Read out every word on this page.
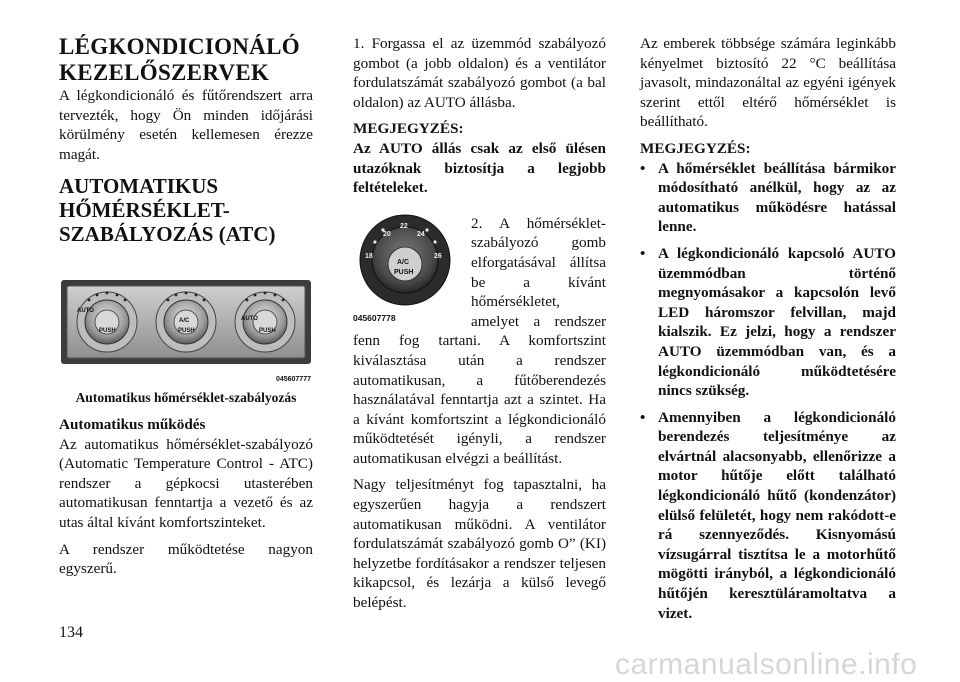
LÉGKONDICIONÁLÓ
KEZELŐSZERVEK

A légkondicionáló és fűtőrendszert arra tervezték, hogy Ön minden időjárási körülmény esetén kellemesen érezze magát.

AUTOMATIKUS
HŐMÉRSÉKLET-
SZABÁLYOZÁS (ATC)
AUTO
PUSH
A/C
PUSH
AUTO
PUSH
045607777
Automatikus hőmérséklet-szabályozás
Automatikus működés

Az automatikus hőmérséklet-szabályozó (Automatic Temperature Control - ATC) rendszer a gépkocsi utasterében automatikusan fenntartja a vezető és az utas által kívánt komfortszinteket.

A rendszer működtetése nagyon egyszerű.

1. Forgassa el az üzemmód szabályozó gombot (a jobb oldalon) és a ventilátor fordulatszámát szabályozó gombot (a bal oldalon) az AUTO állásba.

MEGJEGYZÉS:

Az AUTO állás csak az első ülésen utazóknak biztosítja a legjobb feltételeket.

20
22
24
18	26
A/C
PUSH
045607778

2. A hőmérséklet-szabályozó gomb elforgatásával állítsa be a kívánt hőmérsékletet, amelyet a rendszer fenn fog tartani. A komfortszint kiválasztása után a rendszer automatikusan, a fűtőberendezés használatával fenntartja azt a szintet. Ha a kívánt komfortszint a légkondicionáló működtetését igényli, a rendszer automatikusan elvégzi a beállítást.

Nagy teljesítményt fog tapasztalni, ha egyszerűen hagyja a rendszert automatikusan működni. A ventilátor fordulatszámát szabályozó gomb O” (KI) helyzetbe fordításakor a rendszer teljesen kikapcsol, és lezárja a külső levegő belépést.

Az emberek többsége számára leginkább kényelmet biztosító 22 °C beállítása javasolt, mindazonáltal az egyéni igények szerint ettől eltérő hőmérséklet is beállítható.

MEGJEGYZÉS:
• A hőmérséklet beállítása bármikor módosítható anélkül, hogy az az automatikus működésre hatással lenne.
• A légkondicionáló kapcsoló AUTO üzemmódban történő megnyomásakor a kapcsolón levő LED háromszor felvillan, majd kialszik. Ez jelzi, hogy a rendszer AUTO üzemmódban van, és a légkondicionáló működtetésére nincs szükség.
• Amennyiben a légkondicionáló berendezés teljesítménye az elvártnál alacsonyabb, ellenőrizze a motor hűtője előtt található légkondicionáló hűtő (kondenzátor) elülső felületét, hogy nem rakódott-e rá szennyeződés. Kisnyomású vízsugárral tisztítsa le a motorhűtő mögötti irányból, a légkondicionáló hűtőjén keresztüláramoltatva a vizet.
134
carmanualsonline.info
